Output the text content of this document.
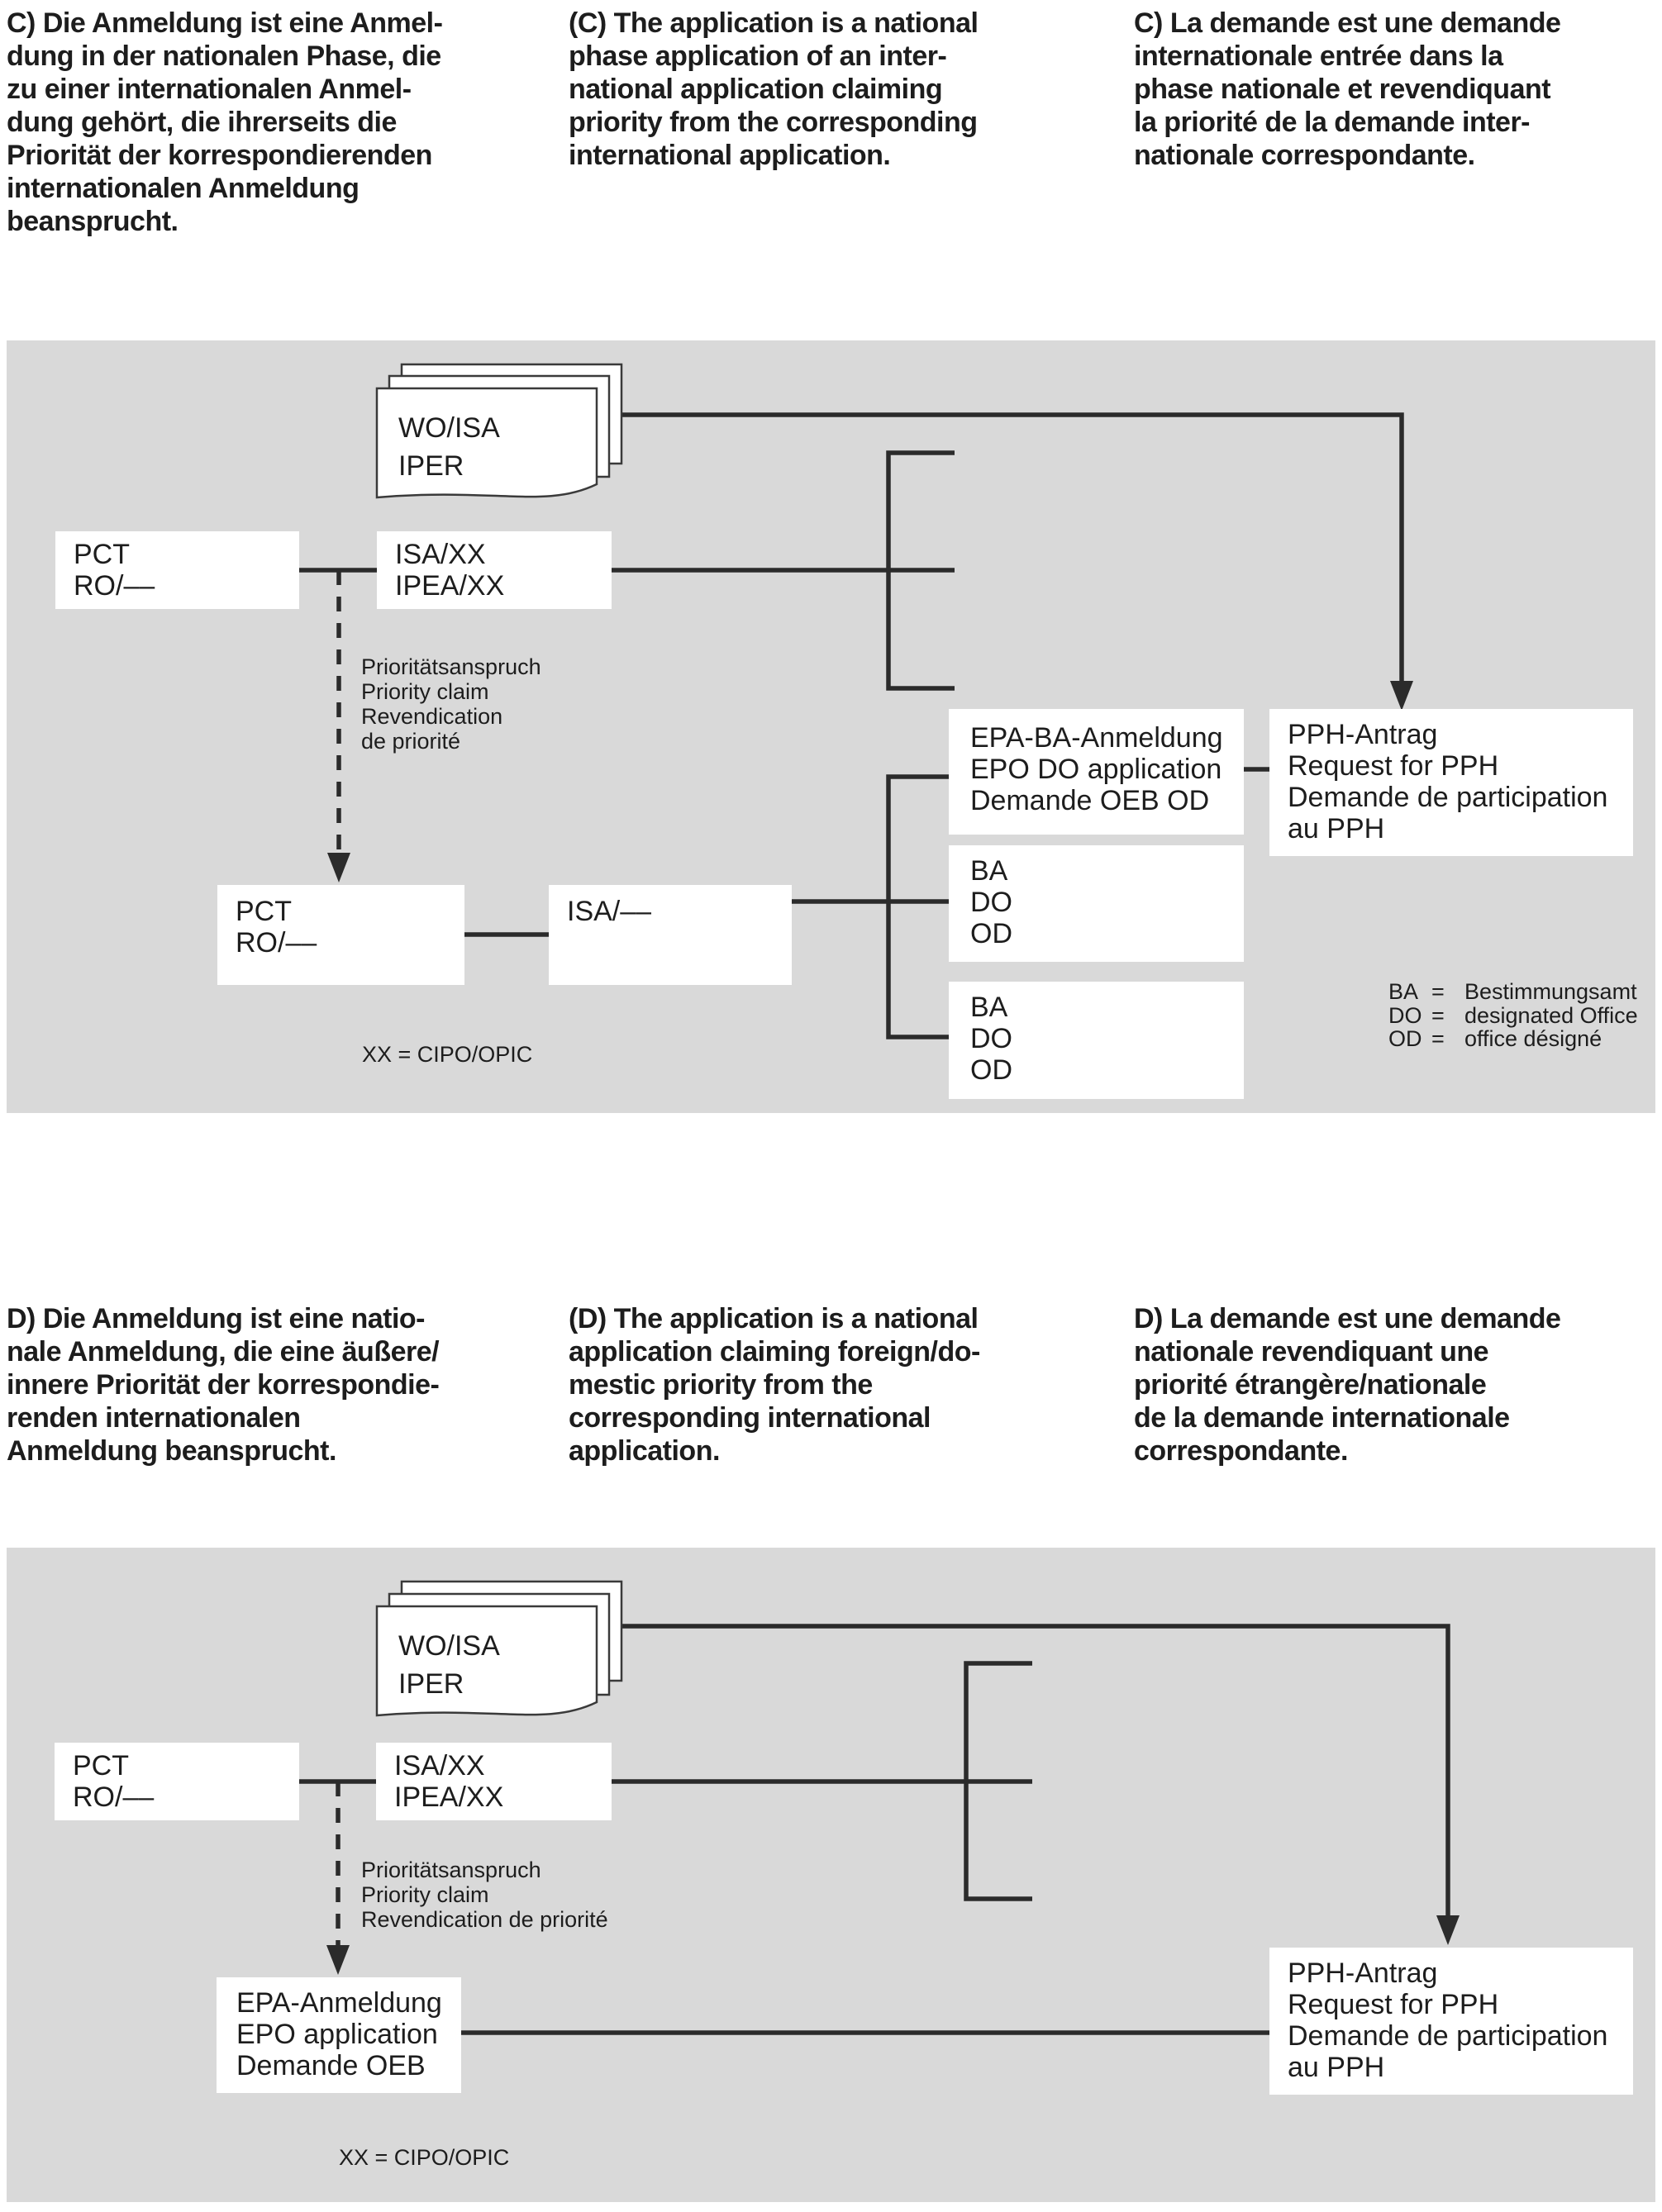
C) Die Anmeldung ist eine Anmel-
dung in der nationalen Phase, die
zu einer internationalen Anmel-
dung gehört, die ihrerseits die
Priorität der korrespondierenden
internationalen Anmeldung
beansprucht.
(C) The application is a national
phase application of an inter-
national application claiming
priority from the corresponding
international application.
C) La demande est une demande
internationale entrée dans la
phase nationale et revendiquant
la priorité de la demande inter-
nationale correspondante.
WO/ISA
IPER
PCT
RO/––
ISA/XX
IPEA/XX
Prioritätsanspruch
Priority claim
Revendication
de priorité
PCT
RO/––
ISA/––
EPA-BA-Anmeldung
EPO DO application
Demande OEB OD
PPH-Antrag
Request for PPH
Demande de participation
au PPH
BA
DO
OD
BA
DO
OD
XX = CIPO/OPIC
BA = Bestimmungsamt
DO = designated Office
OD = office désigné
D) Die Anmeldung ist eine natio-
nale Anmeldung, die eine äußere/
innere Priorität der korrespondie-
renden internationalen
Anmeldung beansprucht.
(D) The application is a national
application claiming foreign/do-
mestic priority from the
corresponding international
application.
D) La demande est une demande
nationale revendiquant une
priorité étrangère/nationale
de la demande internationale
correspondante.
WO/ISA
IPER
PCT
RO/––
ISA/XX
IPEA/XX
Prioritätsanspruch
Priority claim
Revendication de priorité
EPA-Anmeldung
EPO application
Demande OEB
PPH-Antrag
Request for PPH
Demande de participation
au PPH
XX = CIPO/OPIC
